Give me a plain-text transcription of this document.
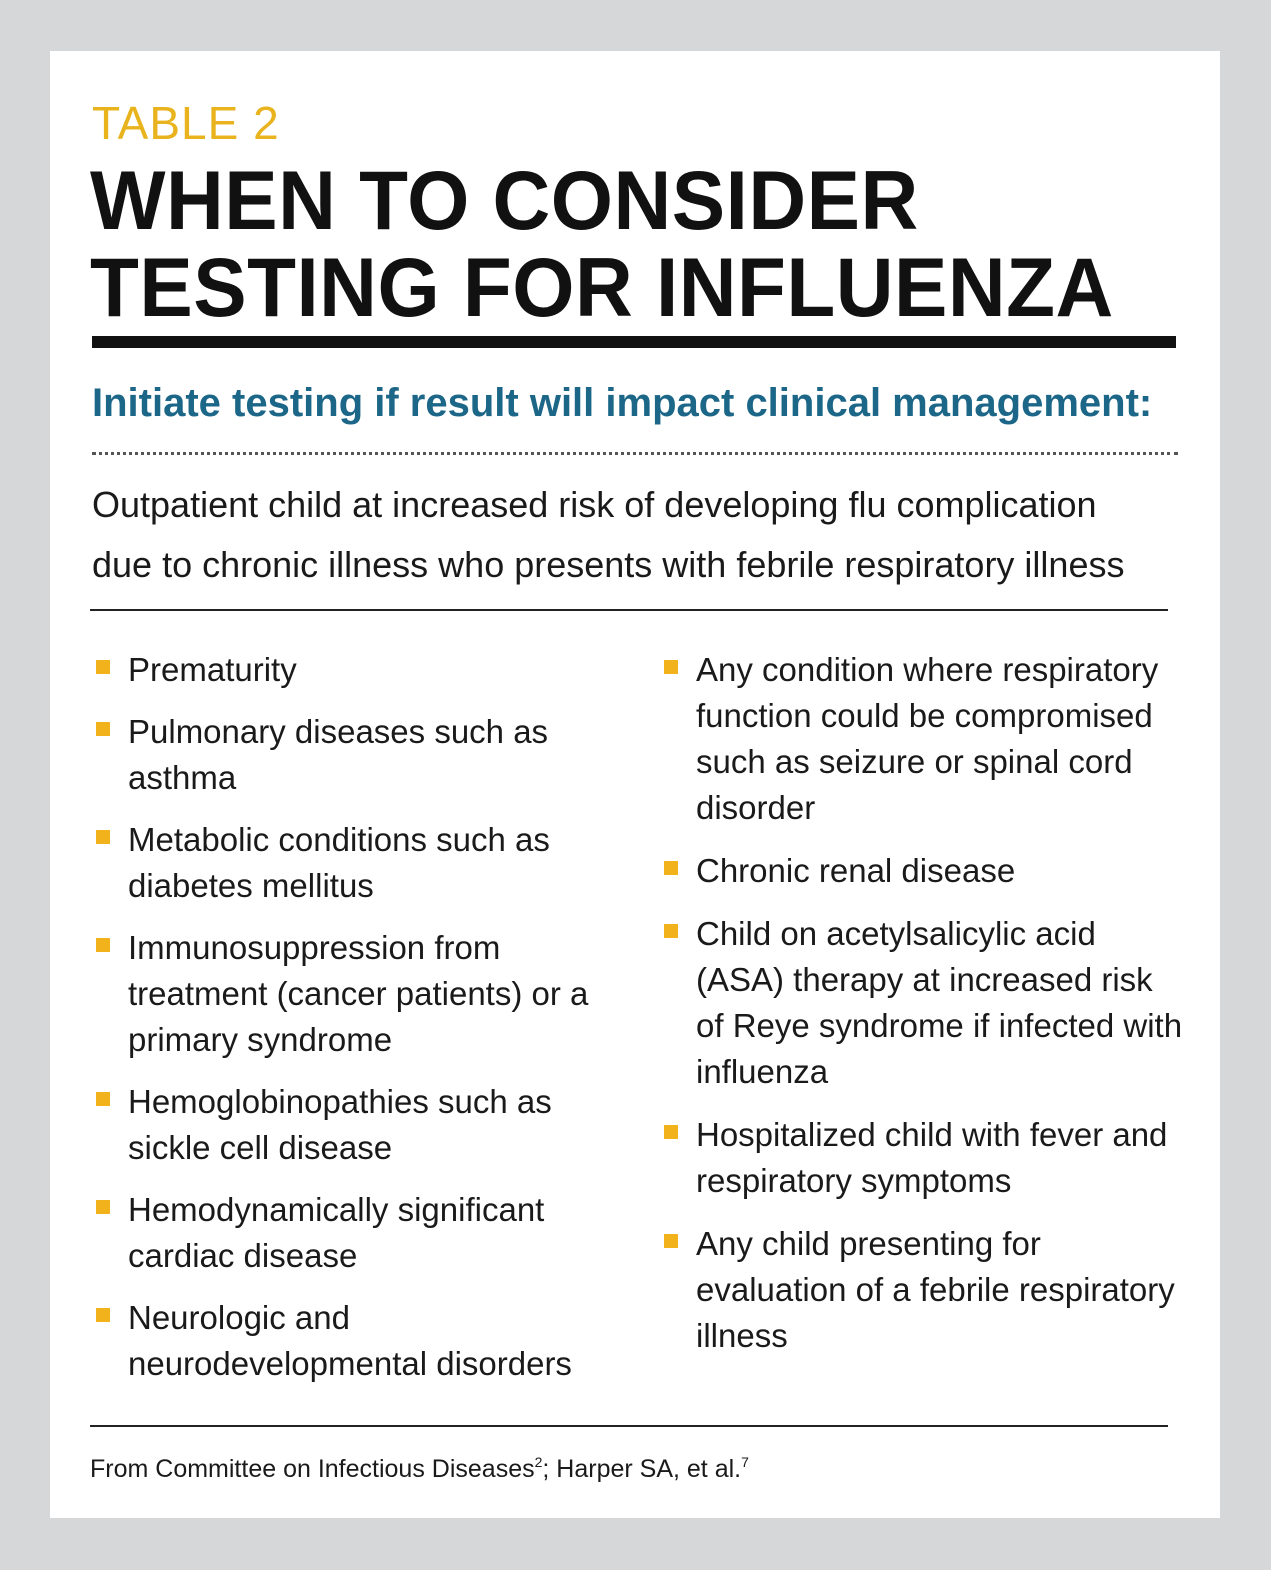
TABLE 2
WHEN TO CONSIDER
TESTING FOR INFLUENZA
Initiate testing if result will impact clinical management:
Outpatient child at increased risk of developing flu complication
due to chronic illness who presents with febrile respiratory illness
Prematurity
Pulmonary diseases such as asthma
Metabolic conditions such as diabetes mellitus
Immunosuppression from treatment (cancer patients) or a primary syndrome
Hemoglobinopathies such as sickle cell disease
Hemodynamically significant cardiac disease
Neurologic and neurodevelopmental disorders
Any condition where respiratory function could be compromised such as seizure or spinal cord disorder
Chronic renal disease
Child on acetylsalicylic acid (ASA) therapy at increased risk of Reye syndrome if infected with influenza
Hospitalized child with fever and respiratory symptoms
Any child presenting for evaluation of a febrile respiratory illness
From Committee on Infectious Diseases$^2$; Harper SA, et al.$^7$
